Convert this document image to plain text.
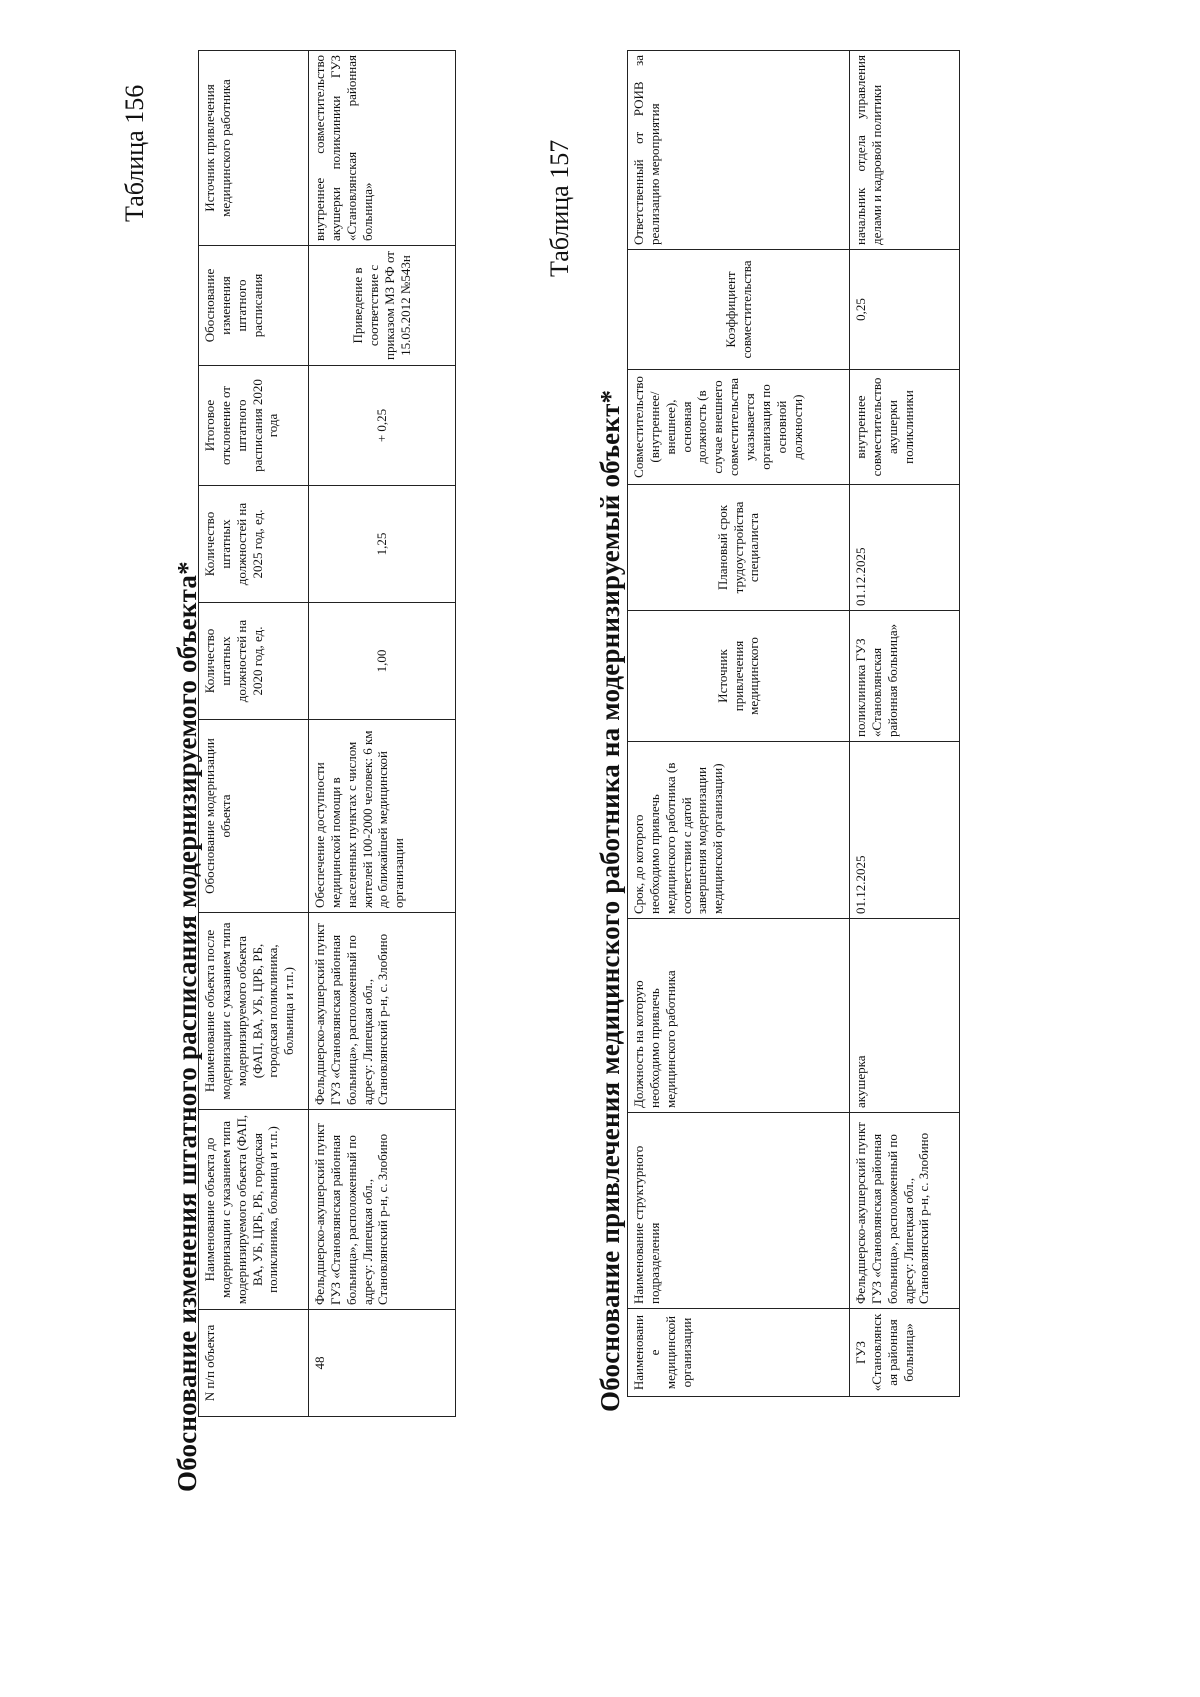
Таблица 156
Обоснование изменения штатного расписания модернизируемого объекта* N п/п объекта	Наименование объекта до модернизации с указанием типа модернизируемого объекта (ФАП, ВА, УБ, ЦРБ, РБ, городская поликлиника, больница и т.п.)	Наименование объекта после модернизации с указанием типа модернизируемого объекта (ФАП, ВА, УБ, ЦРБ, РБ, городская поликлиника, больница и т.п.)	Обоснование модернизации объекта	Количество штатных должностей на 2020 год, ед.	Количество штатных должностей на 2025 год, ед.	Итоговое отклонение от штатного расписания 2020 года	Обоснование изменения штатного расписания	Источник привлечения медицинского работника
48	Фельдшерско-акушерский пункт ГУЗ «Становлянская районная больница», расположенный по адресу: Липецкая обл., Становлянский р-н, с. Злобино	Фельдшерско-акушерский пункт ГУЗ «Становлянская районная больница», расположенный по адресу: Липецкая обл., Становлянский р-н, с. Злобино	Обеспечение доступности медицинской помощи в населенных пунктах с числом жителей 100-2000 человек: 6 км до ближайшей медицинской организации	1,00	1,25	+ 0,25	Приведение в соответствие с приказом МЗ РФ от 15.05.2012 №543н	внутреннее совместительство акушерки поликлиники ГУЗ «Становлянская районная больница»	Таблица 157
Обоснование привлечения медицинского работника на модернизируемый объект* Наименование медицинской организации	Наименование структурного подразделения	Должность на которую необходимо привлечь медицинского работника	Срок, до которого необходимо привлечь медицинского работника (в соответствии с датой завершения модернизации медицинской организации)	Источник привлечения медицинского	Плановый срок трудоустройства специалиста	Совместительство (внутреннее/внешнее), основная должность (в случае внешнего совместительства указывается организация по основной должности)	Коэффициент совместительства	Ответственный от РОИВ за реализацию мероприятия
ГУЗ «Становлянская районная больница»	Фельдшерско-акушерский пункт ГУЗ «Становлянская районная больница», расположенный по адресу: Липецкая обл., Становлянский р-н, с. Злобино	акушерка	01.12.2025	поликлиника ГУЗ «Становлянская районная больница»	01.12.2025	внутреннее совместительство акушерки поликлиники	0,25	начальник отдела управления делами и кадровой политики
